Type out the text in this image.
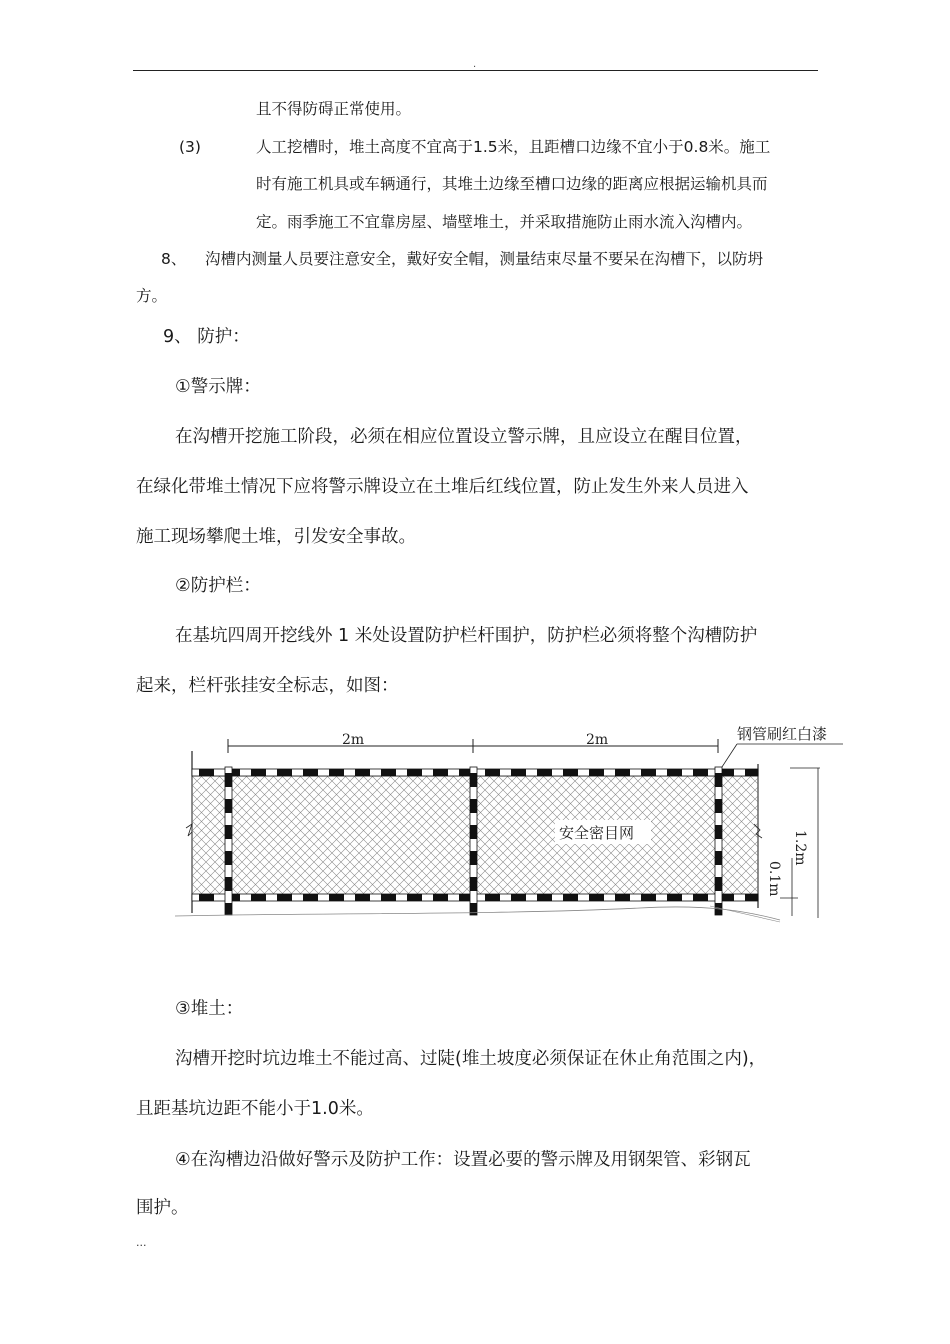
.
且不得防碍正常使用。
(3)	人工挖槽时，堆土高度不宜高于1.5米，且距槽口边缘不宜小于0.8米。施工
时有施工机具或车辆通行，其堆土边缘至槽口边缘的距离应根据运输机具而
定。雨季施工不宜靠房屋、墙壁堆土，并采取措施防止雨水流入沟槽内。
8、 沟槽内测量人员要注意安全，戴好安全帽，测量结束尽量不要呆在沟槽下，以防坍
方。
9、 防护：
①警示牌：
在沟槽开挖施工阶段，必须在相应位置设立警示牌，且应设立在醒目位置，
在绿化带堆土情况下应将警示牌设立在土堆后红线位置，防止发生外来人员进入
施工现场攀爬土堆，引发安全事故。
②防护栏：
在基坑四周开挖线外 1 米处设置防护栏杆围护，防护栏必须将整个沟槽防护
起来，栏杆张挂安全标志，如图：
2m	2m	钢管刷红白漆
安全密目网	1.2m
0.1m
③堆土：
沟槽开挖时坑边堆土不能过高、过陡(堆土坡度必须保证在休止角范围之内)，
且距基坑边距不能小于1.0米。
④在沟槽边沿做好警示及防护工作：设置必要的警示牌及用钢架管、彩钢瓦
围护。
...
